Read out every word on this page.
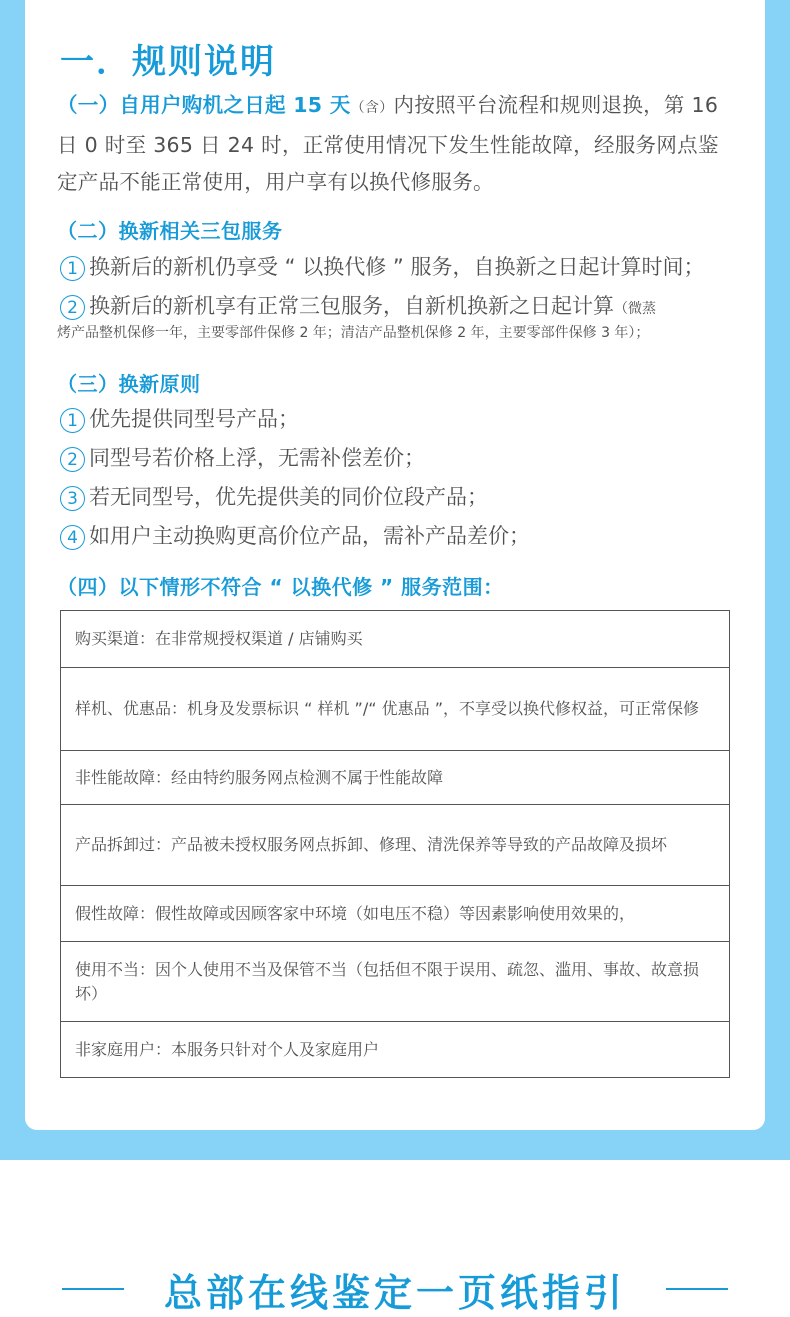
一．规则说明

（一）自用户购机之日起 15 天（含）内按照平台流程和规则退换，第 16 日 0 时至 365 日 24 时，正常使用情况下发生性能故障，经服务网点鉴定产品不能正常使用，用户享有以换代修服务。

（二）换新相关三包服务

1 换新后的新机仍享受 “ 以换代修 ” 服务，自换新之日起计算时间；

2 换新后的新机享有正常三包服务，自新机换新之日起计算（微蒸

烤产品整机保修一年，主要零部件保修 2 年；清洁产品整机保修 2 年，主要零部件保修 3 年）；

（三）换新原则

1 优先提供同型号产品；

2 同型号若价格上浮，无需补偿差价；

3 若无同型号，优先提供美的同价位段产品；

4 如用户主动换购更高价位产品，需补产品差价；

（四）以下情形不符合 “ 以换代修 ” 服务范围：
购买渠道：在非常规授权渠道 / 店铺购买
样机、优惠品：机身及发票标识 “ 样机 ”/“ 优惠品 ”，不享受以换代修权益，可正常保修
非性能故障：经由特约服务网点检测不属于性能故障
产品拆卸过：产品被未授权服务网点拆卸、修理、清洗保养等导致的产品故障及损坏
假性故障：假性故障或因顾客家中环境（如电压不稳）等因素影响使用效果的，
使用不当：因个人使用不当及保管不当（包括但不限于误用、疏忽、滥用、事故、故意损坏）
非家庭用户：本服务只针对个人及家庭用户
总部在线鉴定一页纸指引
